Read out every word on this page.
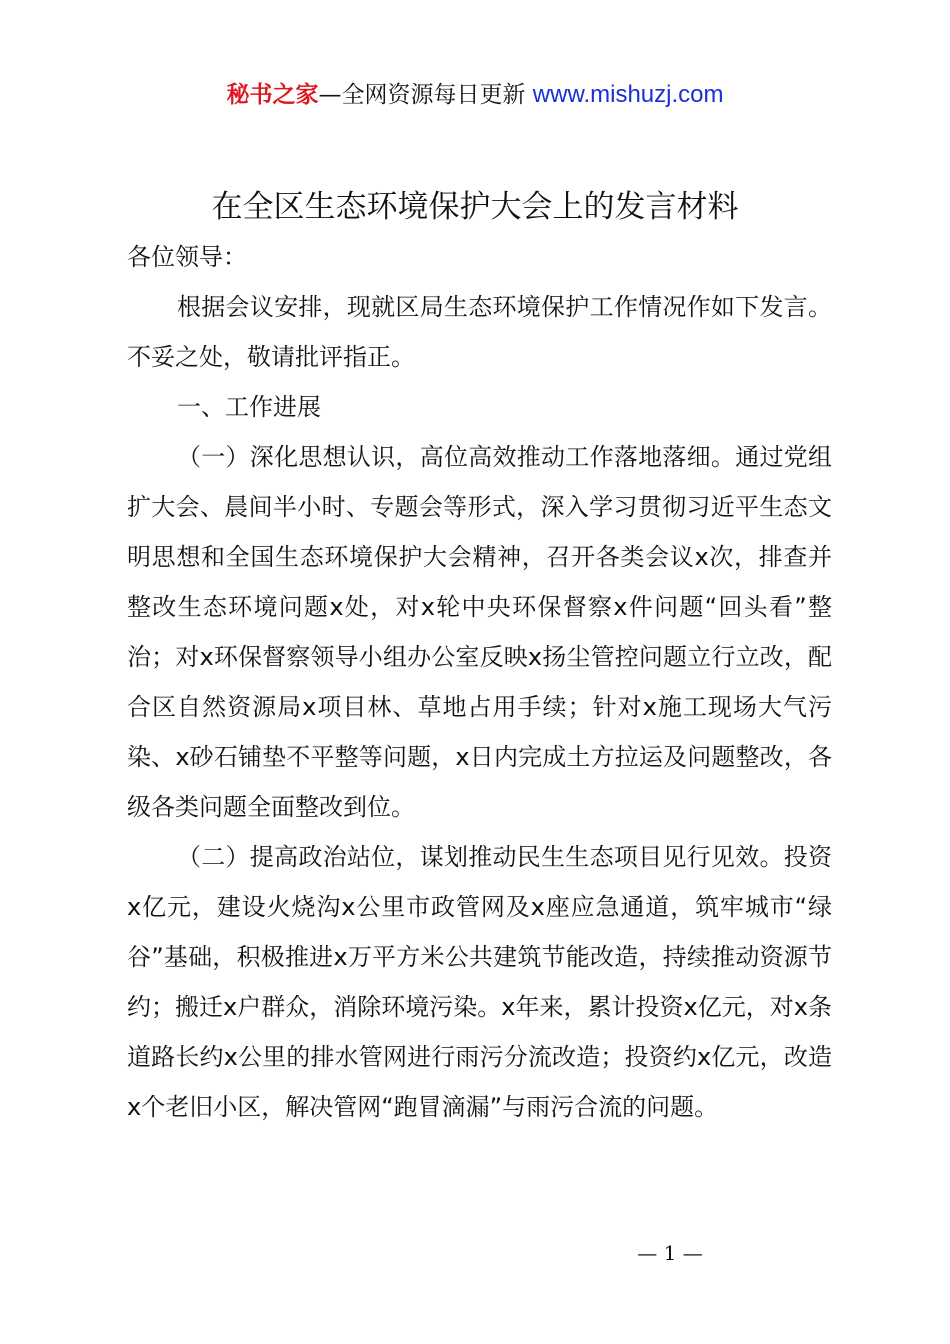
秘书之家—全网资源每日更新 www.mishuzj.com
在全区生态环境保护大会上的发言材料

各位领导：

根据会议安排，现就区局生态环境保护工作情况作如下发言。不妥之处，敬请批评指正。

一、工作进展

（一）深化思想认识，高位高效推动工作落地落细。通过党组扩大会、晨间半小时、专题会等形式，深入学习贯彻习近平生态文明思想和全国生态环境保护大会精神，召开各类会议x次，排查并整改生态环境问题x处，对x轮中央环保督察x件问题“回头看”整治；对x环保督察领导小组办公室反映x扬尘管控问题立行立改，配合区自然资源局x项目林、草地占用手续；针对x施工现场大气污染、x砂石铺垫不平整等问题，x日内完成土方拉运及问题整改，各级各类问题全面整改到位。

（二）提高政治站位，谋划推动民生生态项目见行见效。投资x亿元，建设火烧沟x公里市政管网及x座应急通道，筑牢城市“绿谷”基础，积极推进x万平方米公共建筑节能改造，持续推动资源节约；搬迁x户群众，消除环境污染。x年来，累计投资x亿元，对x条道路长约x公里的排水管网进行雨污分流改造；投资约x亿元，改造x个老旧小区，解决管网“跑冒滴漏”与雨污合流的问题。

— 1 —
